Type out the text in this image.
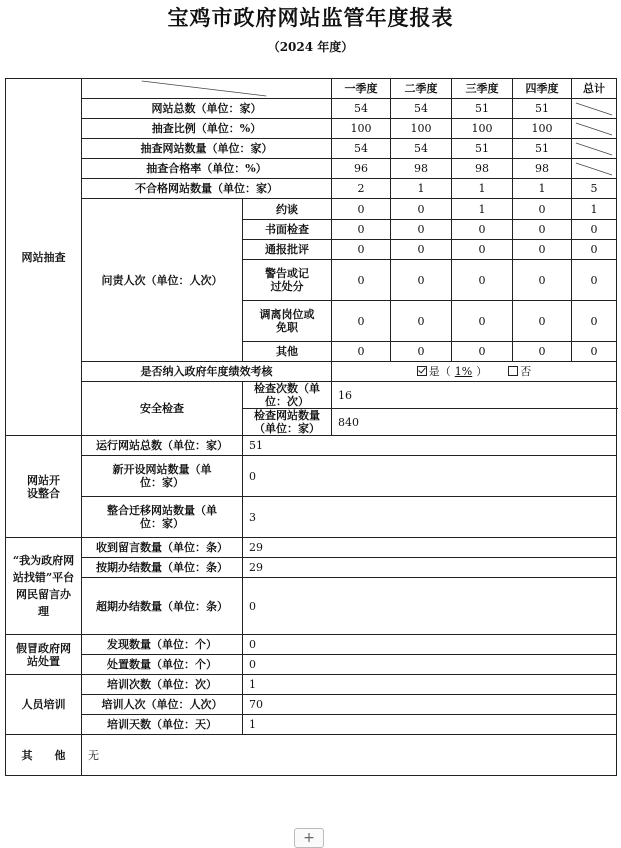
宝鸡市政府网站监管年度报表
（2024 年度）
网站抽查			一季度	二季度	三季度	四季度	总计
	网站总数（单位：家）		54	54	51	51	

	抽查比例（单位：%）		100	100	100	100	

	抽查网站数量（单位：家）		54	54	51	51	

	抽查合格率（单位：%）		96	98	98	98	

	不合格网站数量（单位：家）		2	1	1	1	5
	问责人次（单位：人次）	约谈	0	0	1	0	1
		书面检查	0	0	0	0	0
		通报批评	0	0	0	0	0
		警告或记过处分	0	0	0	0	0
		调离岗位或免职	0	0	0	0	0
		其他	0	0	0	0	0
	是否纳入政府年度绩效考核		是（ 1% ） 否				
	安全检查	检查次数（单位：次）	16				
		检查网站数量（单位：家）	840				
网站开设整合	运行网站总数（单位：家）	51					
	新开设网站数量（单位：家）	0					
	整合迁移网站数量（单位：家）	3					
“我为政府网站找错”平台网民留言办理	收到留言数量（单位：条）	29					
	按期办结数量（单位：条）	29					
	超期办结数量（单位：条）	0					
假冒政府网站处置	发现数量（单位：个）	0					
	处置数量（单位：个）	0					
人员培训	培训次数（单位：次）	1					
	培训人次（单位：人次）	70					
	培训天数（单位：天）	1					
其　　他	无						
+
